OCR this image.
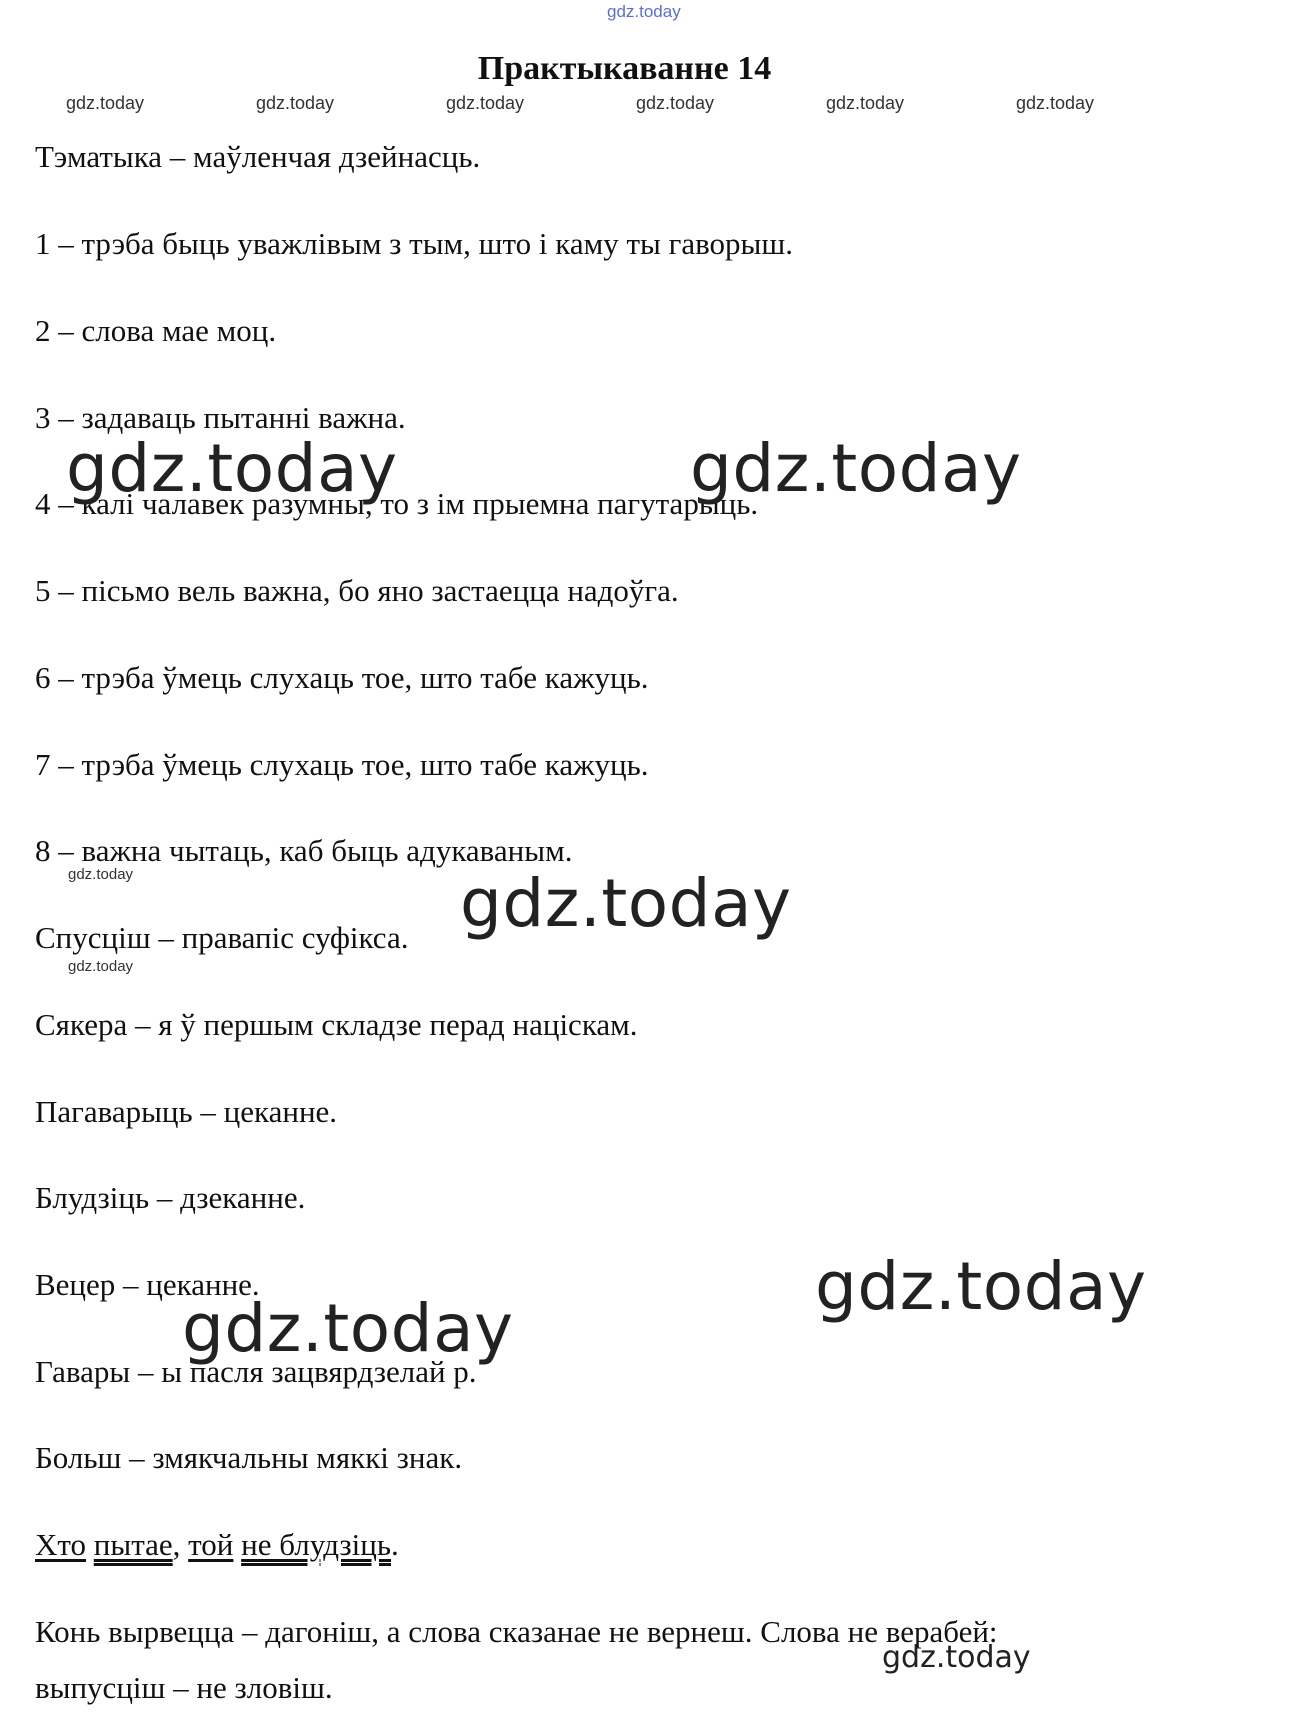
gdz.today
Практыкаванне 14
gdz.today	gdz.today	gdz.today	gdz.today	gdz.today	gdz.today
Тэматыка – маўленчая дзейнасць.
1 – трэба быць уважлівым з тым, што і каму ты гаворыш.
2 – слова мае моц.
3 – задаваць пытанні важна.
4 – калі чалавек разумны, то з ім прыемна пагутарыць.
5 – пісьмо вель важна, бо яно застаецца надоўга.
6 – трэба ўмець слухаць тое, што табе кажуць.
7 – трэба ўмець слухаць тое, што табе кажуць.
8 – важна чытаць, каб быць адукаваным.
Спусціш – правапіс суфікса.
Сякера – я ў першым складзе перад націскам.
Пагаварыць – цеканне.
Блудзіць – дзеканне.
Вецер – цеканне.
Гавары – ы пасля зацвярдзелай р.
Больш – змякчальны мяккі знак.
Хто пытае, той не блудзіць.
Конь вырвецца – дагоніш, а слова сказанае не вернеш. Слова не верабей:
выпусціш – не зловіш.
gdz.today	gdz.today
gdz.today	gdz.today
gdz.today
gdz.today
gdz.today
gdz.today
